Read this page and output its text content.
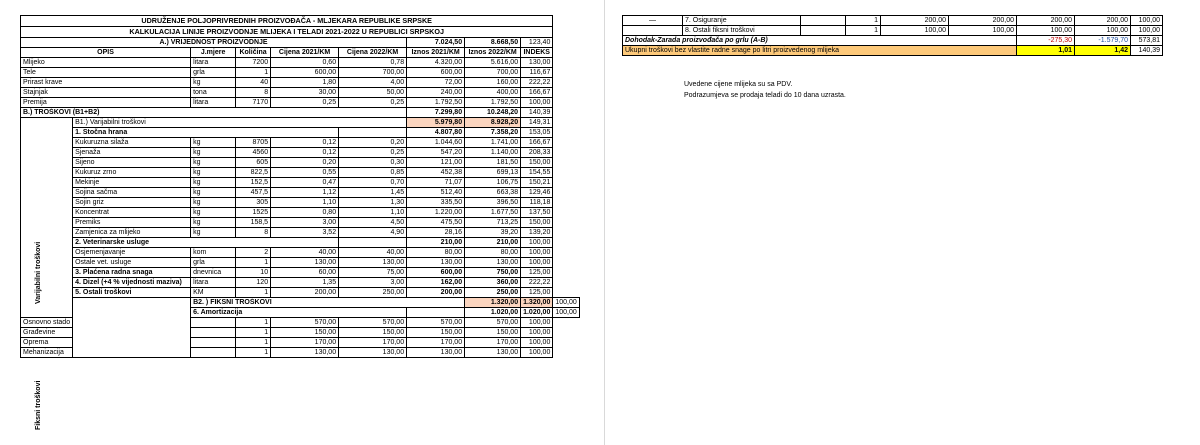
UDRUŽENJE POLJOPRIVREDNIH PROIZVOĐAČA - MLJEKARA REPUBLIKE SRPSKE									
KALKULACIJA LINIJE PROIZVODNJE MLIJEKA I TELADI 2021-2022 U REPUBLICI SRPSKOJ									
A.) VRIJEDNOST PROIZVODNJE						7.024,50	8.668,50	123,40	
OPIS		J.mjere	Količina	Cijena 2021/KM	Cijena 2022/KM	Iznos 2021/KM	Iznos 2022/KM	INDEKS	
Mlijeko		litara	7200	0,60	0,78	4.320,00	5.616,00	130,00	
Tele		grla	1	600,00	700,00	600,00	700,00	116,67	
Prirast krave		kg	40	1,80	4,00	72,00	160,00	222,22	
Stajnjak		tona	8	30,00	50,00	240,00	400,00	166,67	
Premija		litara	7170	0,25	0,25	1.792,50	1.792,50	100,00	
B.) TROŠKOVI (B1+B2)						7.299,80	10.248,20	140,39	
	B1.) Varijabilni troškovi					5.979,80	8.928,20	149,31	
	1. Stočna hrana					4.807,80	7.358,20	153,05	
	Kukuruzna silaža	kg	8705	0,12	0,20	1.044,60	1.741,00	166,67	
	Sjenaža	kg	4560	0,12	0,25	547,20	1.140,00	208,33	
	Sijeno	kg	605	0,20	0,30	121,00	181,50	150,00	
	Kukuruz zrno	kg	822,5	0,55	0,85	452,38	699,13	154,55	
	Mekinje	kg	152,5	0,47	0,70	71,07	106,75	150,21	
	Sojina sačma	kg	457,5	1,12	1,45	512,40	663,38	129,46	
	Sojin griz	kg	305	1,10	1,30	335,50	396,50	118,18	
	Koncentrat	kg	1525	0,80	1,10	1.220,00	1.677,50	137,50	
	Premiks	kg	158,5	3,00	4,50	475,50	713,25	150,00	
	Zamjenica za mlijeko	kg	8	3,52	4,90	28,16	39,20	139,20	
	2. Veterinarske usluge					210,00	210,00	100,00	
	Osjemenjavanje	kom	2	40,00	40,00	80,00	80,00	100,00	
	Ostale vet. usluge	grla	1	130,00	130,00	130,00	130,00	100,00	
	3. Plaćena radna snaga	dnevnica	10	60,00	75,00	600,00	750,00	125,00	
	4. Dizel (+4 % vijednosti maziva)	litara	120	1,35	3,00	162,00	360,00	222,22	
	5. Ostali troškovi	KM	1	200,00	250,00	200,00	250,00	125,00	
		B2. ) FIKSNI TROŠKOVI					1.320,00	1.320,00	100,00
		6. Amortizacija					1.020,00	1.020,00	100,00
Osnovno stado			1	570,00	570,00	570,00	570,00	100,00	
Građevine			1	150,00	150,00	150,00	150,00	100,00	
Oprema			1	170,00	170,00	170,00	170,00	100,00	
Mehanizacija			1	130,00	130,00	130,00	130,00	100,00	
Varijabilni troškovi
Fiksni troškovi
—	7. Osiguranje		1	200,00	200,00	200,00	200,00	100,00
	8. Ostali fiksni troškovi		1	100,00	100,00	100,00	100,00	100,00
Dohodak-Zarada proizvođača po grlu (A-B)						-275,30	-1.579,70	573,81
Ukupni troškovi bez vlastite radne snage po litri proizvedenog mlijeka						1,01	1,42	140,39
Uvedene cijene mlijeka su sa PDV.
Podrazumjeva se prodaja teladi do 10 dana uzrasta.
